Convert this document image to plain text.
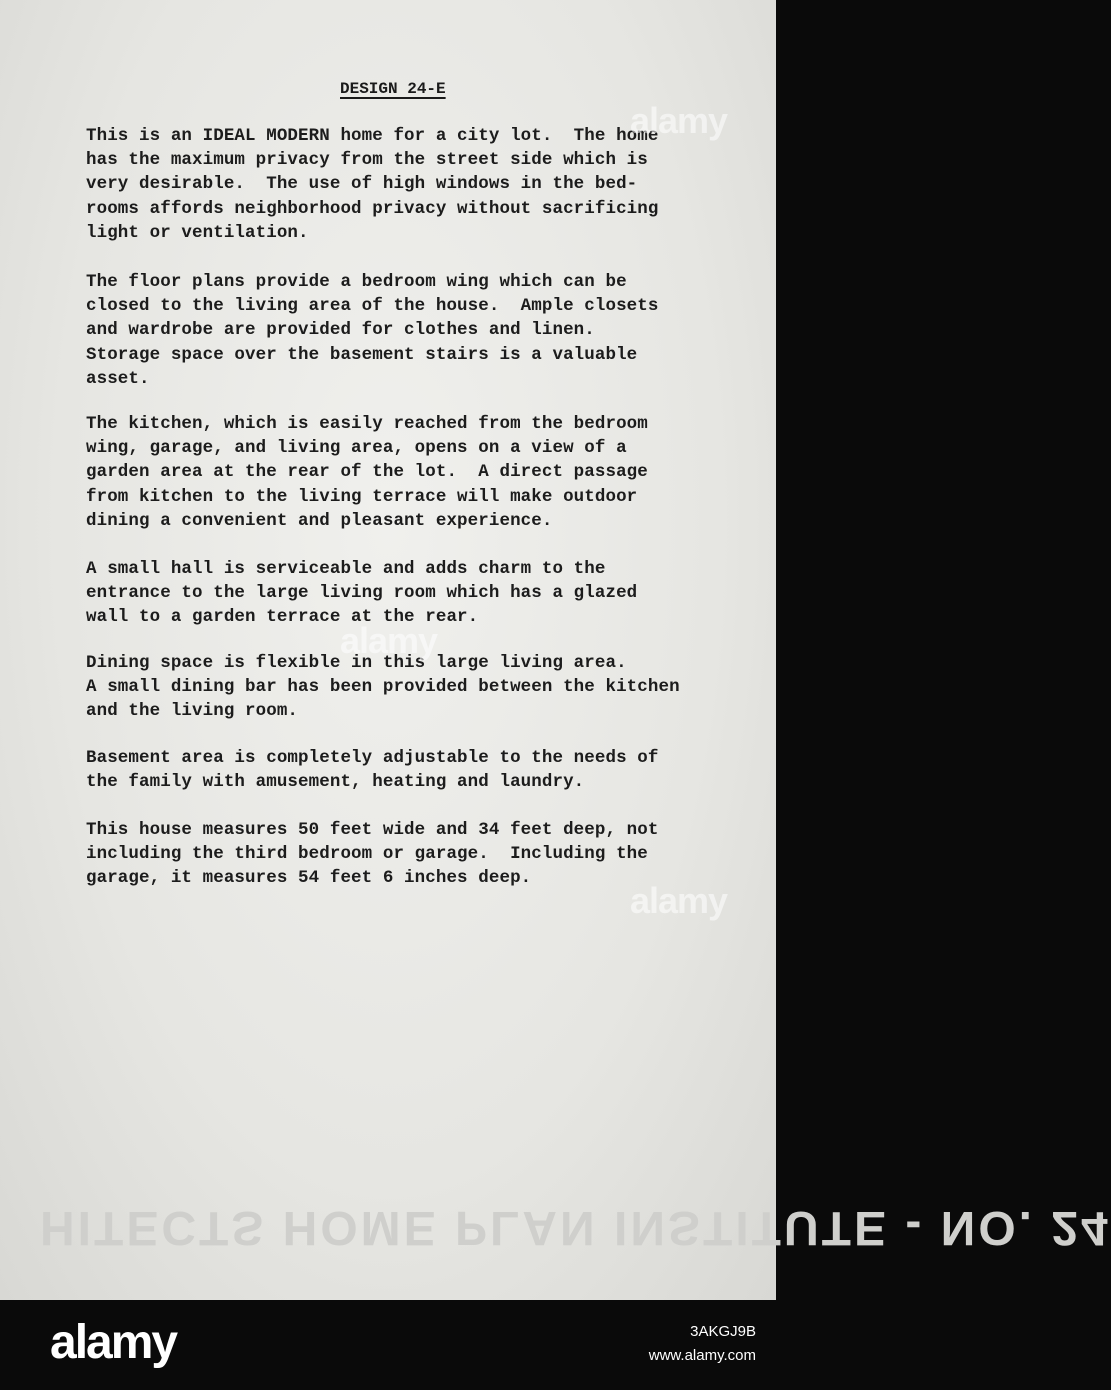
HITECTS HOME PLAN INSTITUTE - NO. 24
DESIGN 24-E

This is an IDEAL MODERN home for a city lot.  The home
has the maximum privacy from the street side which is
very desirable.  The use of high windows in the bed-
rooms affords neighborhood privacy without sacrificing
light or ventilation.

The floor plans provide a bedroom wing which can be
closed to the living area of the house.  Ample closets
and wardrobe are provided for clothes and linen.
Storage space over the basement stairs is a valuable
asset.

The kitchen, which is easily reached from the bedroom
wing, garage, and living area, opens on a view of a
garden area at the rear of the lot.  A direct passage
from kitchen to the living terrace will make outdoor
dining a convenient and pleasant experience.

A small hall is serviceable and adds charm to the
entrance to the large living room which has a glazed
wall to a garden terrace at the rear.

Dining space is flexible in this large living area.
A small dining bar has been provided between the kitchen
and the living room.

Basement area is completely adjustable to the needs of
the family with amusement, heating and laundry.

This house measures 50 feet wide and 34 feet deep, not
including the third bedroom or garage.  Including the
garage, it measures 54 feet 6 inches deep.

alamy
alamy
alamy
alamy	3AKGJ9B
www.alamy.com
